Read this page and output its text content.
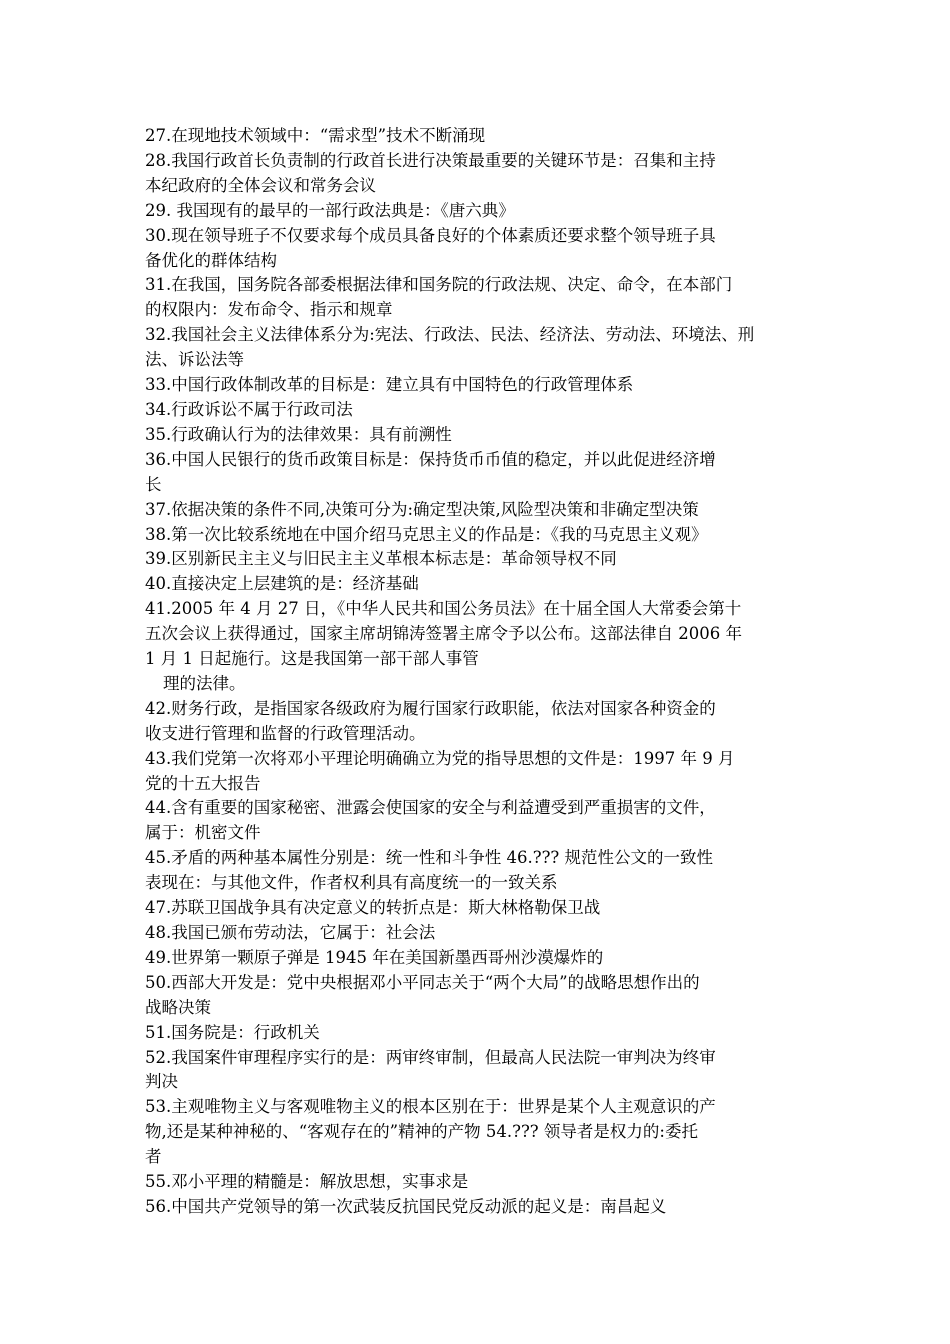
27.在现地技术领域中：“需求型”技术不断涌现
28.我国行政首长负责制的行政首长进行决策最重要的关键环节是：召集和主持
本纪政府的全体会议和常务会议
29. 我国现有的最早的一部行政法典是：《唐六典》
30.现在领导班子不仅要求每个成员具备良好的个体素质还要求整个领导班子具
备优化的群体结构
31.在我国，国务院各部委根据法律和国务院的行政法规、决定、命令，在本部门
的权限内：发布命令、指示和规章
32.我国社会主义法律体系分为:宪法、行政法、民法、经济法、劳动法、环境法、刑
法、诉讼法等
33.中国行政体制改革的目标是：建立具有中国特色的行政管理体系
34.行政诉讼不属于行政司法
35.行政确认行为的法律效果：具有前溯性
36.中国人民银行的货币政策目标是：保持货币币值的稳定，并以此促进经济增
长
37.依据决策的条件不同,决策可分为:确定型决策,风险型决策和非确定型决策
38.第一次比较系统地在中国介绍马克思主义的作品是：《我的马克思主义观》
39.区别新民主主义与旧民主主义革根本标志是：革命领导权不同
40.直接决定上层建筑的是：经济基础
41.2005 年 4 月 27 日，《中华人民共和国公务员法》在十届全国人大常委会第十
五次会议上获得通过，国家主席胡锦涛签署主席令予以公布。这部法律自 2006 年
1 月 1 日起施行。这是我国第一部干部人事管
理的法律。
42.财务行政，是指国家各级政府为履行国家行政职能，依法对国家各种资金的
收支进行管理和监督的行政管理活动。
43.我们党第一次将邓小平理论明确确立为党的指导思想的文件是：1997 年 9 月
党的十五大报告
44.含有重要的国家秘密、泄露会使国家的安全与利益遭受到严重损害的文件，
属于：机密文件
45.矛盾的两种基本属性分别是：统一性和斗争性 46.??? 规范性公文的一致性
表现在：与其他文件，作者权利具有高度统一的一致关系
47.苏联卫国战争具有决定意义的转折点是：斯大林格勒保卫战
48.我国已颁布劳动法，它属于：社会法
49.世界第一颗原子弹是 1945 年在美国新墨西哥州沙漠爆炸的
50.西部大开发是：党中央根据邓小平同志关于“两个大局”的战略思想作出的
战略决策
51.国务院是：行政机关
52.我国案件审理程序实行的是：两审终审制，但最高人民法院一审判决为终审
判决
53.主观唯物主义与客观唯物主义的根本区别在于：世界是某个人主观意识的产
物,还是某种神秘的、“客观存在的”精神的产物 54.??? 领导者是权力的:委托
者
55.邓小平理的精髓是：解放思想，实事求是
56.中国共产党领导的第一次武装反抗国民党反动派的起义是：南昌起义
